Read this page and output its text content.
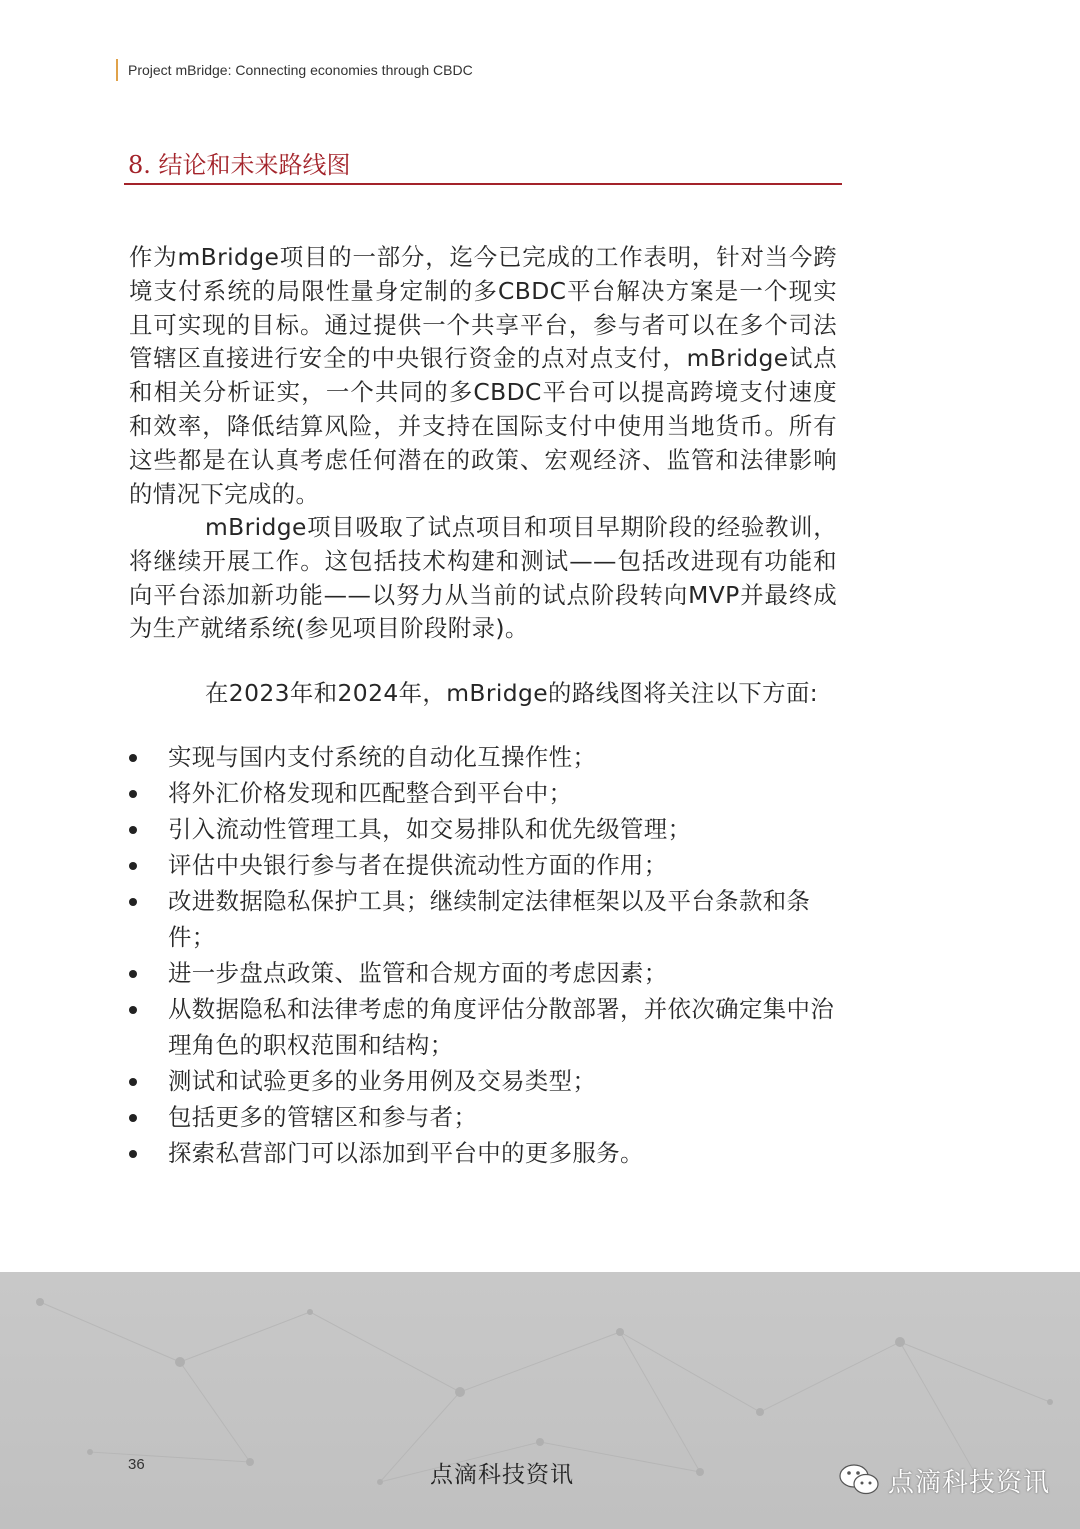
Project mBridge: Connecting economies through CBDC
8. 结论和未来路线图

作为mBridge项目的一部分，迄今已完成的工作表明，针对当今跨境支付系统的局限性量身定制的多CBDC平台解决方案是一个现实且可实现的目标。通过提供一个共享平台，参与者可以在多个司法管辖区直接进行安全的中央银行资金的点对点支付，mBridge试点和相关分析证实，一个共同的多CBDC平台可以提高跨境支付速度和效率，降低结算风险，并支持在国际支付中使用当地货币。所有这些都是在认真考虑任何潜在的政策、宏观经济、监管和法律影响的情况下完成的。

mBridge项目吸取了试点项目和项目早期阶段的经验教训，将继续开展工作。这包括技术构建和测试——包括改进现有功能和向平台添加新功能——以努力从当前的试点阶段转向MVP并最终成为生产就绪系统(参见项目阶段附录)。

在2023年和2024年，mBridge的路线图将关注以下方面:

实现与国内支付系统的自动化互操作性；
将外汇价格发现和匹配整合到平台中；
引入流动性管理工具，如交易排队和优先级管理；
评估中央银行参与者在提供流动性方面的作用；
改进数据隐私保护工具；继续制定法律框架以及平台条款和条件；
进一步盘点政策、监管和合规方面的考虑因素；
从数据隐私和法律考虑的角度评估分散部署，并依次确定集中治理角色的职权范围和结构；
测试和试验更多的业务用例及交易类型；
包括更多的管辖区和参与者；
探索私营部门可以添加到平台中的更多服务。
36	点滴科技资讯	点滴科技资讯
